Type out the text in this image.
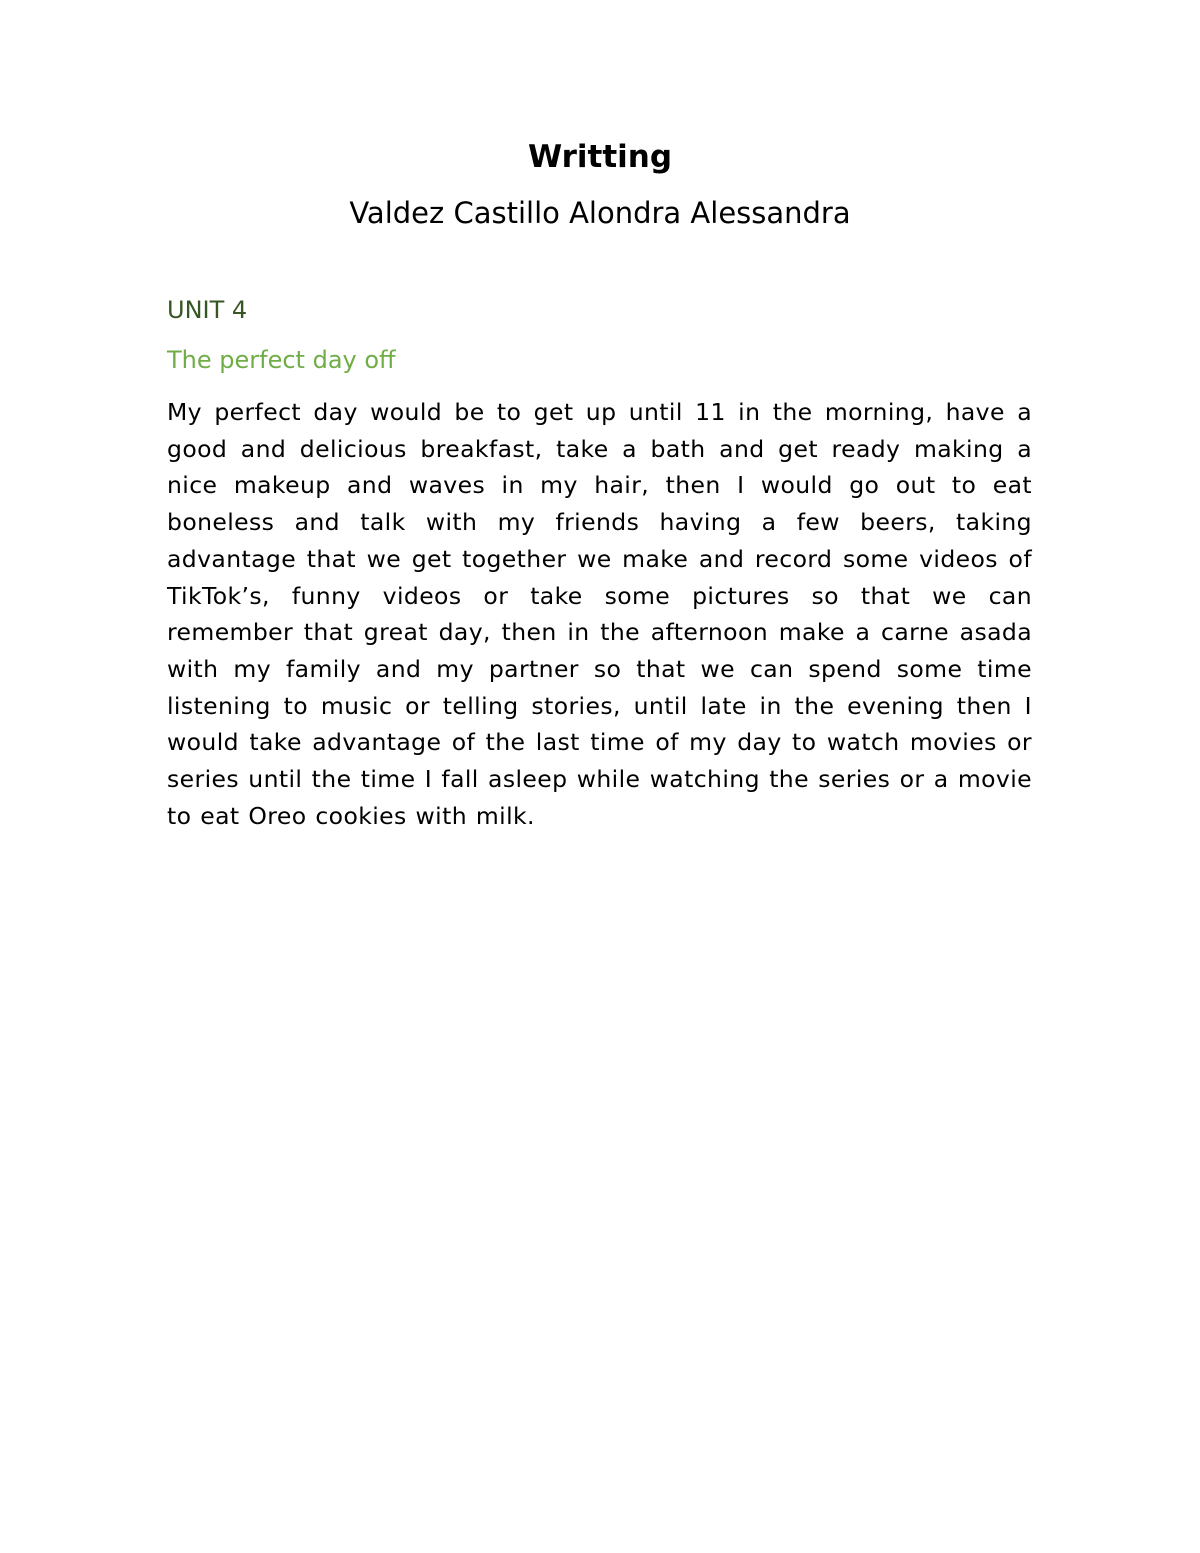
Writting

Valdez Castillo Alondra Alessandra

UNIT 4

The perfect day off

My perfect day would be to get up until 11 in the morning, have a good and delicious breakfast, take a bath and get ready making a nice makeup and waves in my hair, then I would go out to eat boneless and talk with my friends having a few beers, taking advantage that we get together we make and record some videos of TikTok’s, funny videos or take some pictures so that we can remember that great day, then in the afternoon make a carne asada with my family and my partner so that we can spend some time listening to music or telling stories, until late in the evening then I would take advantage of the last time of my day to watch movies or series until the time I fall asleep while watching the series or a movie to eat Oreo cookies with milk.
